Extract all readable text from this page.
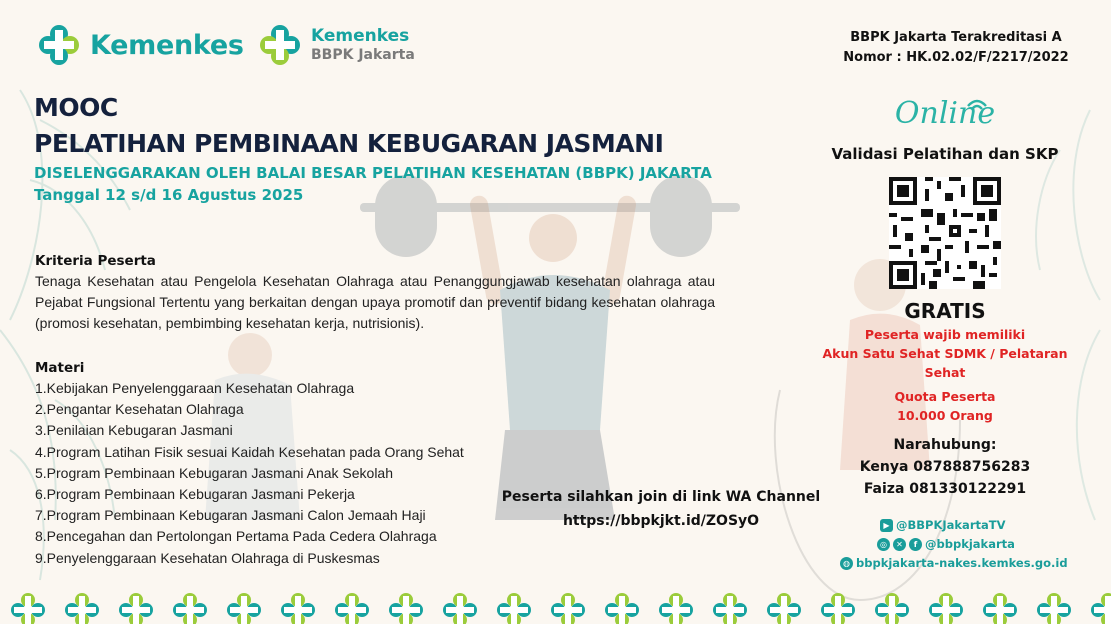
Kemenkes	Kemenkes
BBPK Jakarta
BBPK Jakarta Terakreditasi A
Nomor : HK.02.02/F/2217/2022
MOOC
PELATIHAN PEMBINAAN KEBUGARAN JASMANI
DISELENGGARAKAN OLEH BALAI BESAR PELATIHAN KESEHATAN (BBPK) JAKARTA
Tanggal 12 s/d 16 Agustus 2025
Kriteria Peserta
Tenaga Kesehatan atau Pengelola Kesehatan Olahraga atau Penanggungjawab kesehatan olahraga atau Pejabat Fungsional Tertentu yang berkaitan dengan upaya promotif dan preventif bidang kesehatan olahraga (promosi kesehatan, pembimbing kesehatan kerja, nutrisionis).
Materi
1.Kebijakan Penyelenggaraan Kesehatan Olahraga
2.Pengantar Kesehatan Olahraga
3.Penilaian Kebugaran Jasmani
4.Program Latihan Fisik sesuai Kaidah Kesehatan pada Orang Sehat
5.Program Pembinaan Kebugaran Jasmani Anak Sekolah
6.Program Pembinaan Kebugaran Jasmani Pekerja
7.Program Pembinaan Kebugaran Jasmani Calon Jemaah Haji
8.Pencegahan dan Pertolongan Pertama Pada Cedera Olahraga
9.Penyelenggaraan Kesehatan Olahraga di Puskesmas
Peserta silahkan join di link WA Channel
https://bbpkjkt.id/ZOSyO
Online
Validasi Pelatihan dan SKP
GRATIS
Peserta wajib memiliki
Akun Satu Sehat SDMK / Pelataran Sehat
Quota Peserta
10.000 Orang
Narahubung:
Kenya 087888756283
Faiza 081330122291
▶ @BBPKJakartaTV
◎	✕	f @bbpkjakarta
◍ bbpkjakarta-nakes.kemkes.go.id
